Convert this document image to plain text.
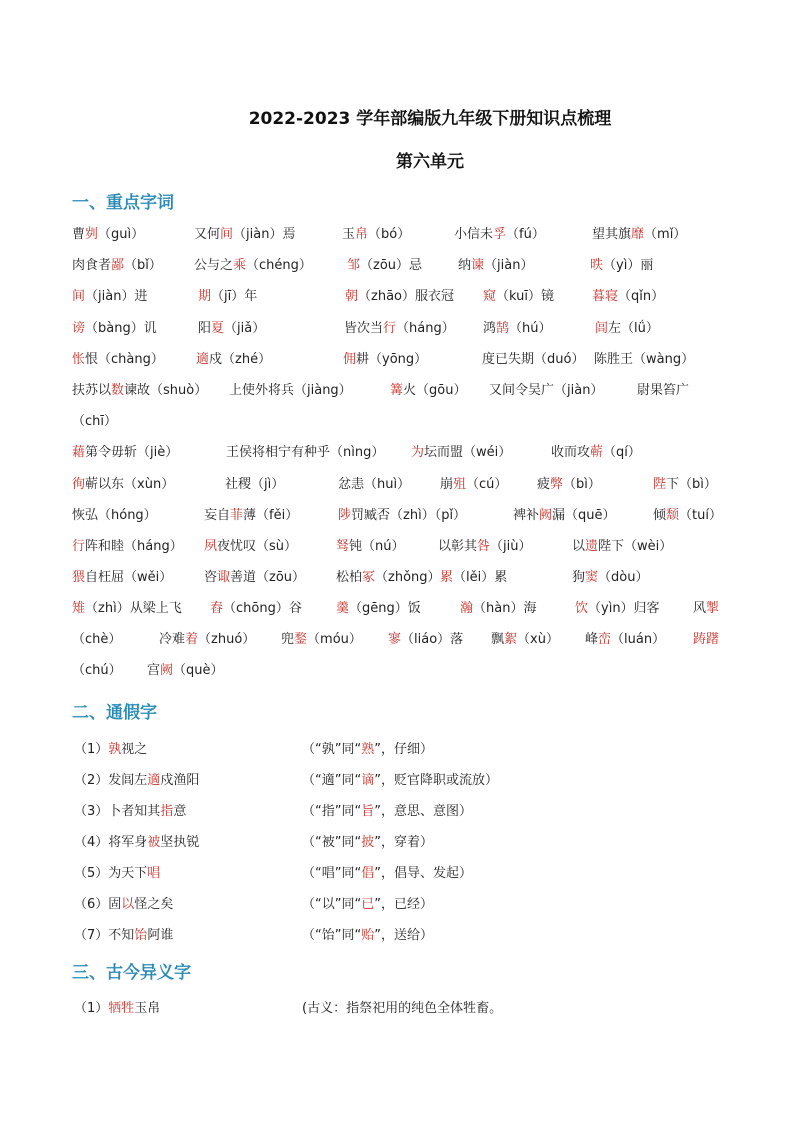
2022-2023 学年部编版九年级下册知识点梳理
第六单元
一、重点字词
曹刿（guì）	又何间（jiàn）焉	玉帛（bó）	小信未孚（fú）	望其旗靡（mǐ）
肉食者鄙（bǐ） 公与之乘（chéng）	邹（zōu）忌	纳谏（jiàn）	昳（yì）丽
间（jiàn）进	期（jī）年	朝（zhāo）服衣冠 窥（kuī）镜	暮寝（qǐn）
谤（bàng）讥	阳夏（jiǎ）	皆次当行（háng） 鸿鹄（hú）	闾左（lǘ）
怅恨（chàng） 適戍（zhé）	佣耕（yōng）	度已失期（duó） 陈胜王（wàng）
扶苏以数谏故（shuò） 上使外将兵（jiàng）	篝火（gōu） 又间令吴广（jiàn）	尉果笞广
（chī）
藉第令毋斩（jiè）	王侯将相宁有种乎（nìng） 为坛而盟（wéi）	收而攻蕲（qí）
徇蕲以东（xùn）	社稷（jì）	忿恚（huì） 崩殂（cú） 疲弊（bì）	陛下（bì）
恢弘（hóng）	妄自菲薄（fěi）	陟罚臧否（zhì）（pǐ）	裨补阙漏（quē）	倾颓（tuí）
行阵和睦（háng） 夙夜忧叹（sù）	驽钝（nú）	以彰其咎（jiù）	以遗陛下（wèi）
猥自枉屈（wěi） 咨诹善道（zōu） 松柏冢（zhǒng） 累（lěi）累	狗窦（dòu）
雉（zhì）从梁上飞 舂（chōng）谷	羹（gēng）饭	瀚（hàn）海	饮（yìn）归客	风掣
（chè）	冷难着（zhuó） 兜鍪（móu） 寥（liáo）落 飘絮（xù） 峰峦（luán） 踌躇
（chú） 宫阙（què）
二、通假字
（1）孰视之	（“孰”同“熟”，仔细）
（2）发闾左適戍渔阳	（“適”同“谪”，贬官降职或流放）
（3）卜者知其指意	（“指”同“旨”，意思、意图）
（4）将军身被坚执锐	（“被”同“披”，穿着）
（5）为天下唱	（“唱”同“倡”，倡导、发起）
（6）固以怪之矣	（“以”同“已”，已经）
（7）不知饴阿谁	（“饴”同“贻”，送给）
三、古今异义字
（1）牺牲玉帛	(古义：指祭祀用的纯色全体牲畜。
